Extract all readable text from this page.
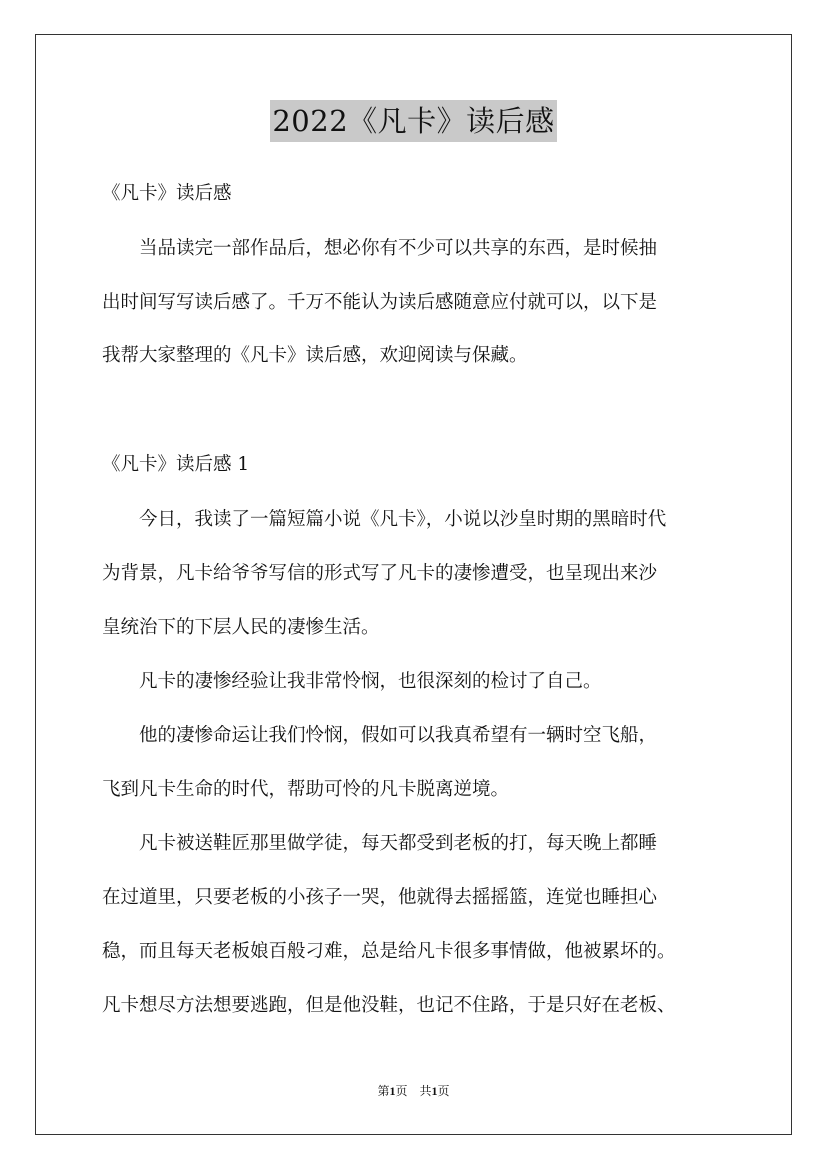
2022《凡卡》读后感
《凡卡》读后感
　　当品读完一部作品后，想必你有不少可以共享的东西，是时候抽
出时间写写读后感了。千万不能认为读后感随意应付就可以，以下是
我帮大家整理的《凡卡》读后感，欢迎阅读与保藏。
《凡卡》读后感 1
　　今日，我读了一篇短篇小说《凡卡》，小说以沙皇时期的黑暗时代
为背景，凡卡给爷爷写信的形式写了凡卡的凄惨遭受，也呈现出来沙
皇统治下的下层人民的凄惨生活。
　　凡卡的凄惨经验让我非常怜悯，也很深刻的检讨了自己。
　　他的凄惨命运让我们怜悯，假如可以我真希望有一辆时空飞船，
飞到凡卡生命的时代，帮助可怜的凡卡脱离逆境。
　　凡卡被送鞋匠那里做学徒，每天都受到老板的打，每天晚上都睡
在过道里，只要老板的小孩子一哭，他就得去摇摇篮，连觉也睡担心
稳，而且每天老板娘百般刁难，总是给凡卡很多事情做，他被累坏的。
凡卡想尽方法想要逃跑，但是他没鞋，也记不住路，于是只好在老板、
第1页　共1页
